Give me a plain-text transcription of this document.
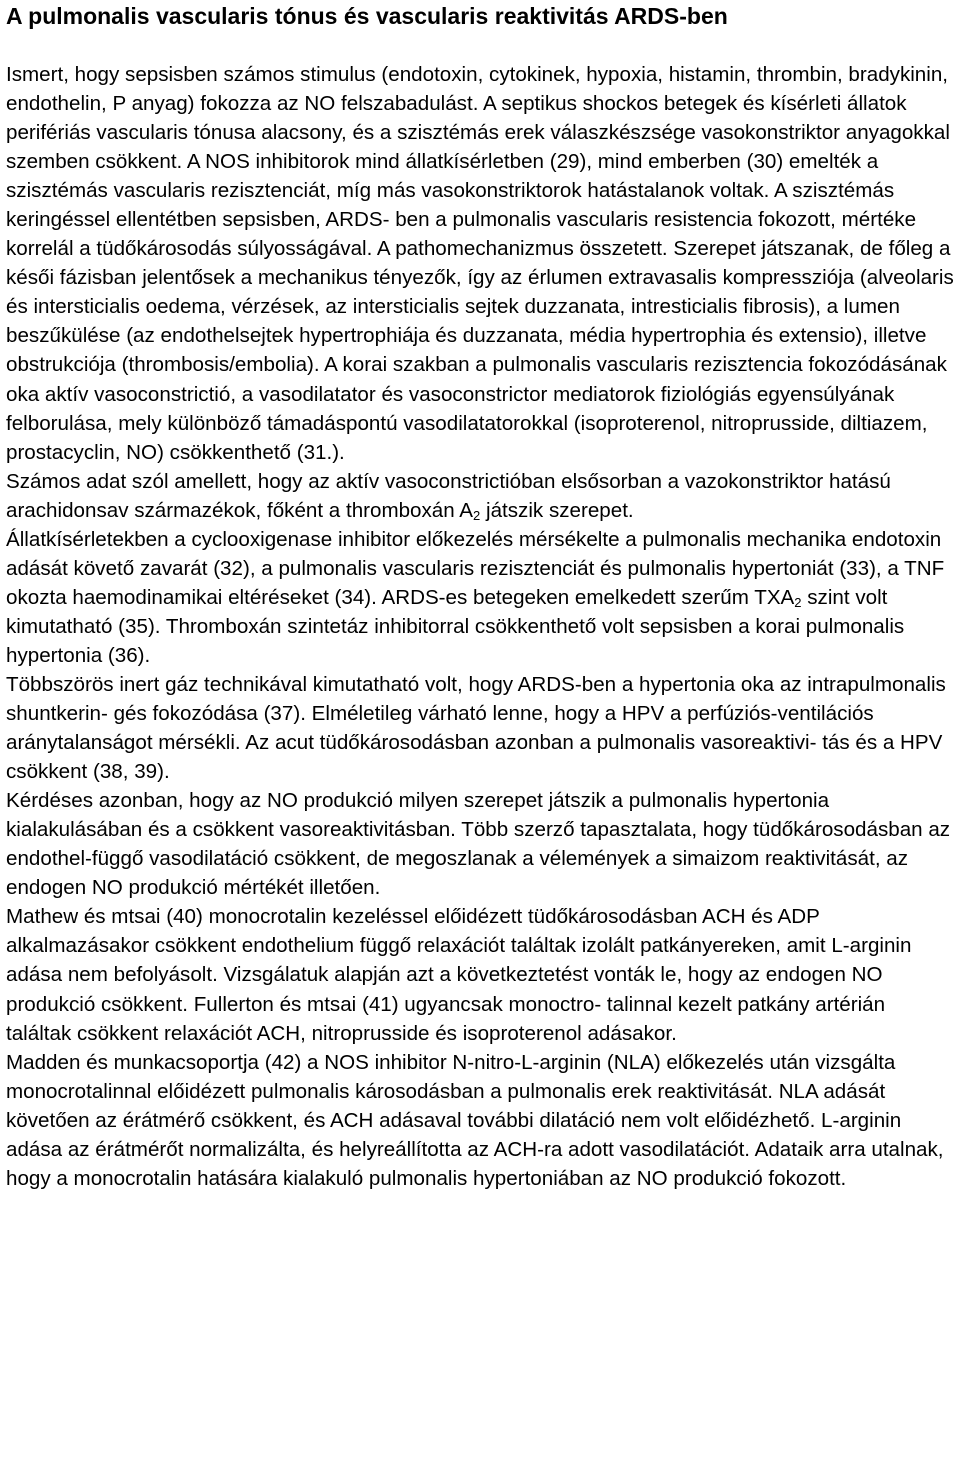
A pulmonalis vascularis tónus és vascularis reaktivitás ARDS-ben

Ismert, hogy sepsisben számos stimulus (endotoxin, cytokinek, hypoxia, histamin, thrombin, bradykinin, endothelin, P anyag) fokozza az NO felszabadulást. A septikus shockos betegek és kísérleti állatok perifériás vascularis tónusa alacsony, és a szisztémás erek válaszkészsége vasokonstriktor anyagokkal szemben csökkent. A NOS inhibitorok mind állatkísérletben (29), mind emberben (30) emelték a szisztémás vascularis rezisztenciát, míg más vasokonstriktorok hatástalanok voltak. A szisztémás keringéssel ellentétben sepsisben, ARDS- ben a pulmonalis vascularis resistencia fokozott, mértéke korrelál a tüdőkárosodás súlyosságával. A pathomechanizmus összetett. Szerepet játszanak, de főleg a késői fázisban jelentősek a mechanikus tényezők, így az érlumen extravasalis kompressziója (alveolaris és intersticialis oedema, vérzések, az intersticialis sejtek duzzanata, intresticialis fibrosis), a lumen beszűkülése (az endothelsejtek hypertrophiája és duzzanata, média hypertrophia és extensio), illetve obstrukciója (thrombosis/embolia). A korai szakban a pulmonalis vascularis rezisztencia fokozódásának oka aktív vasoconstrictió, a vasodilatator és vasoconstrictor mediatorok fiziológiás egyensúlyának felborulása, mely különböző támadáspontú vasodilatatorokkal (isoproterenol, nitroprusside, diltiazem, prostacyclin, NO) csökkenthető (31.).

Számos adat szól amellett, hogy az aktív vasoconstrictióban elsősorban a vazokonstriktor hatású arachidonsav származékok, főként a thromboxán $A_2$ játszik szerepet.

Állatkísérletekben a cyclooxigenase inhibitor előkezelés mérsékelte a pulmonalis mechanika endotoxin adását követő zavarát (32), a pulmonalis vascularis rezisztenciát és pulmonalis hypertoniát (33), a TNF okozta haemodinamikai eltéréseket (34). ARDS-es betegeken emelkedett szerűm $TXA_2$ szint volt kimutatható (35). Thromboxán szintetáz inhibitorral csökkenthető volt sepsisben a korai pulmonalis hypertonia (36).

Többszörös inert gáz technikával kimutatható volt, hogy ARDS-ben a hypertonia oka az intrapulmonalis shuntkerin- gés fokozódása (37). Elméletileg várható lenne, hogy a HPV a perfúziós-ventilációs aránytalanságot mérsékli. Az acut tüdőkárosodásban azonban a pulmonalis vasoreaktivi- tás és a HPV csökkent (38, 39).

Kérdéses azonban, hogy az NO produkció milyen szerepet játszik a pulmonalis hypertonia kialakulásában és a csökkent vasoreaktivitásban. Több szerző tapasztalata, hogy tüdőkárosodásban az endothel-függő vasodilatáció csökkent, de megoszlanak a vélemények a simaizom reaktivitását, az endogen NO produkció mértékét illetően.

Mathew és mtsai (40) monocrotalin kezeléssel előidézett tüdőkárosodásban ACH és ADP alkalmazásakor csökkent endothelium függő relaxációt találtak izolált patkányereken, amit L-arginin adása nem befolyásolt. Vizsgálatuk alapján azt a következtetést vonták le, hogy az endogen NO produkció csökkent. Fullerton és mtsai (41) ugyancsak monoctro- talinnal kezelt patkány artérián találtak csökkent relaxációt ACH, nitroprusside és isoproterenol adásakor.

Madden és munkacsoportja (42) a NOS inhibitor N-nitro-L-arginin (NLA) előkezelés után vizsgálta monocrotalinnal előidézett pulmonalis károsodásban a pulmonalis erek reaktivitását. NLA adását követően az érátmérő csökkent, és ACH adásaval további dilatáció nem volt előidézhető. L-arginin adása az érátmérőt normalizálta, és helyreállította az ACH-ra adott vasodilatációt. Adataik arra utalnak, hogy a monocrotalin hatására kialakuló pulmonalis hypertoniában az NO produkció fokozott.
